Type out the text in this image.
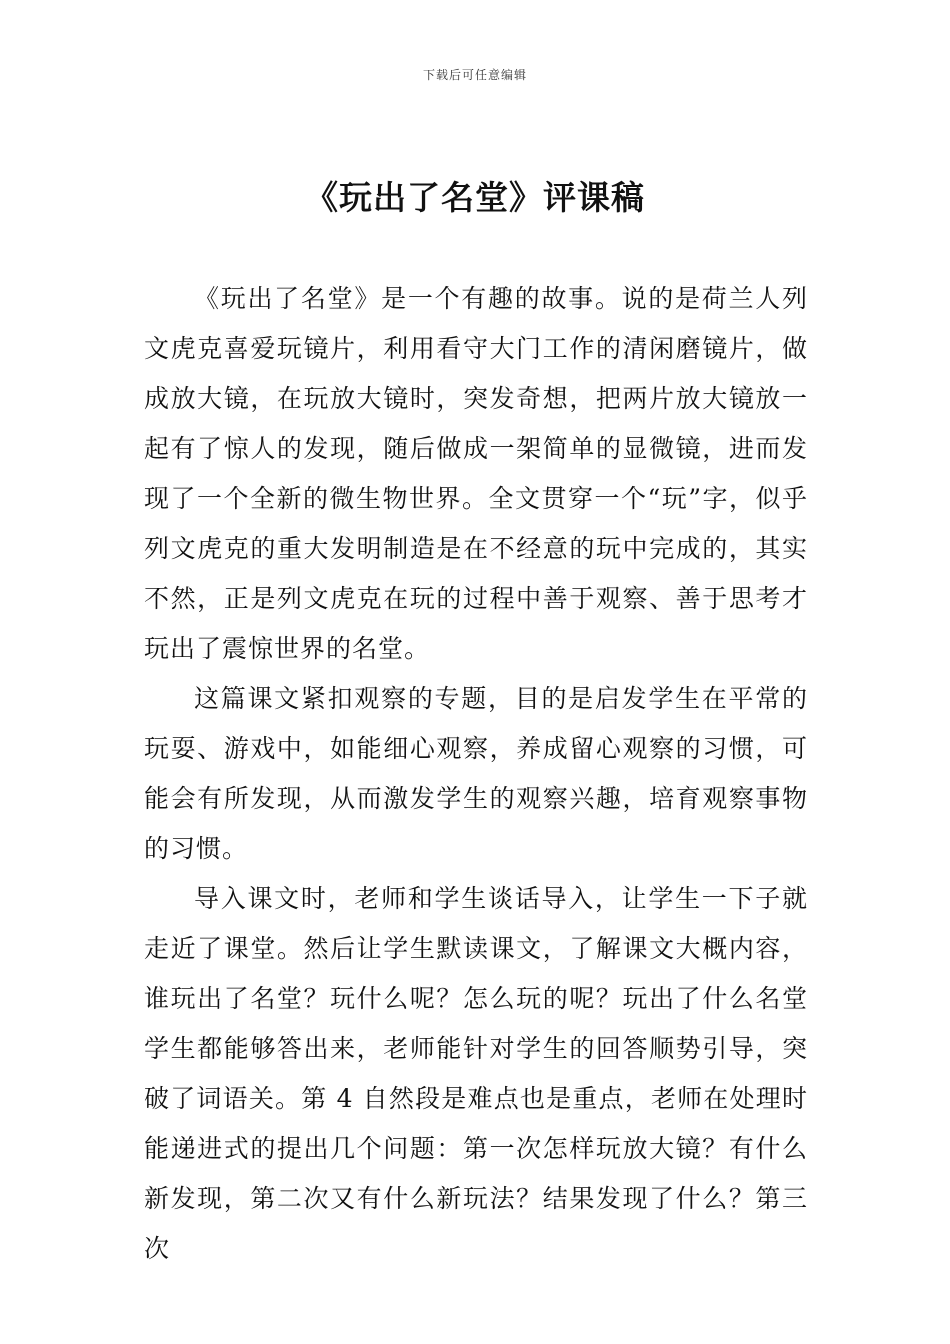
下载后可任意编辑
《玩出了名堂》评课稿

《玩出了名堂》是一个有趣的故事。说的是荷兰人列文虎克喜爱玩镜片，利用看守大门工作的清闲磨镜片，做成放大镜，在玩放大镜时，突发奇想，把两片放大镜放一起有了惊人的发现，随后做成一架简单的显微镜，进而发现了一个全新的微生物世界。全文贯穿一个“玩”字，似乎列文虎克的重大发明制造是在不经意的玩中完成的，其实不然，正是列文虎克在玩的过程中善于观察、善于思考才玩出了震惊世界的名堂。

这篇课文紧扣观察的专题，目的是启发学生在平常的玩耍、游戏中，如能细心观察，养成留心观察的习惯，可能会有所发现，从而激发学生的观察兴趣，培育观察事物的习惯。

导入课文时，老师和学生谈话导入，让学生一下子就走近了课堂。然后让学生默读课文，了解课文大概内容，谁玩出了名堂？玩什么呢？怎么玩的呢？玩出了什么名堂学生都能够答出来，老师能针对学生的回答顺势引导，突破了词语关。第 4 自然段是难点也是重点，老师在处理时能递进式的提出几个问题：第一次怎样玩放大镜？有什么新发现，第二次又有什么新玩法？结果发现了什么？第三次
